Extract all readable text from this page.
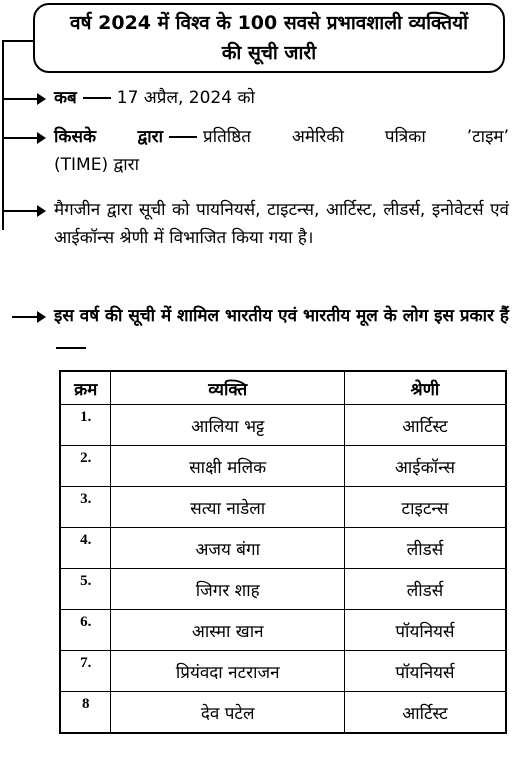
वर्ष 2024 में विश्व के 100 सवसे प्रभावशाली व्यक्तियों
की सूची जारी
कब 17 अप्रैल, 2024 को
किसके द्वारा प्रतिष्ठित अमेरिकी पत्रिका ’टाइम’
(TIME) द्वारा
मैगजीन द्वारा सूची को पायनियर्स, टाइटन्स, आर्टिस्ट, लीडर्स, इनोवेटर्स एवं आईकॉन्स श्रेणी में विभाजित किया गया है।
इस वर्ष की सूची में शामिल भारतीय एवं भारतीय मूल के लोग इस प्रकार हैं
क्रम	व्यक्ति	श्रेणी
1.	आलिया भट्ट	आर्टिस्ट
2.	साक्षी मलिक	आईकॉन्स
3.	सत्या नाडेला	टाइटन्स
4.	अजय बंगा	लीडर्स
5.	जिगर शाह	लीडर्स
6.	आस्मा खान	पॉयनियर्स
7.	प्रियंवदा नटराजन	पॉयनियर्स
8	देव पटेल	आर्टिस्ट
